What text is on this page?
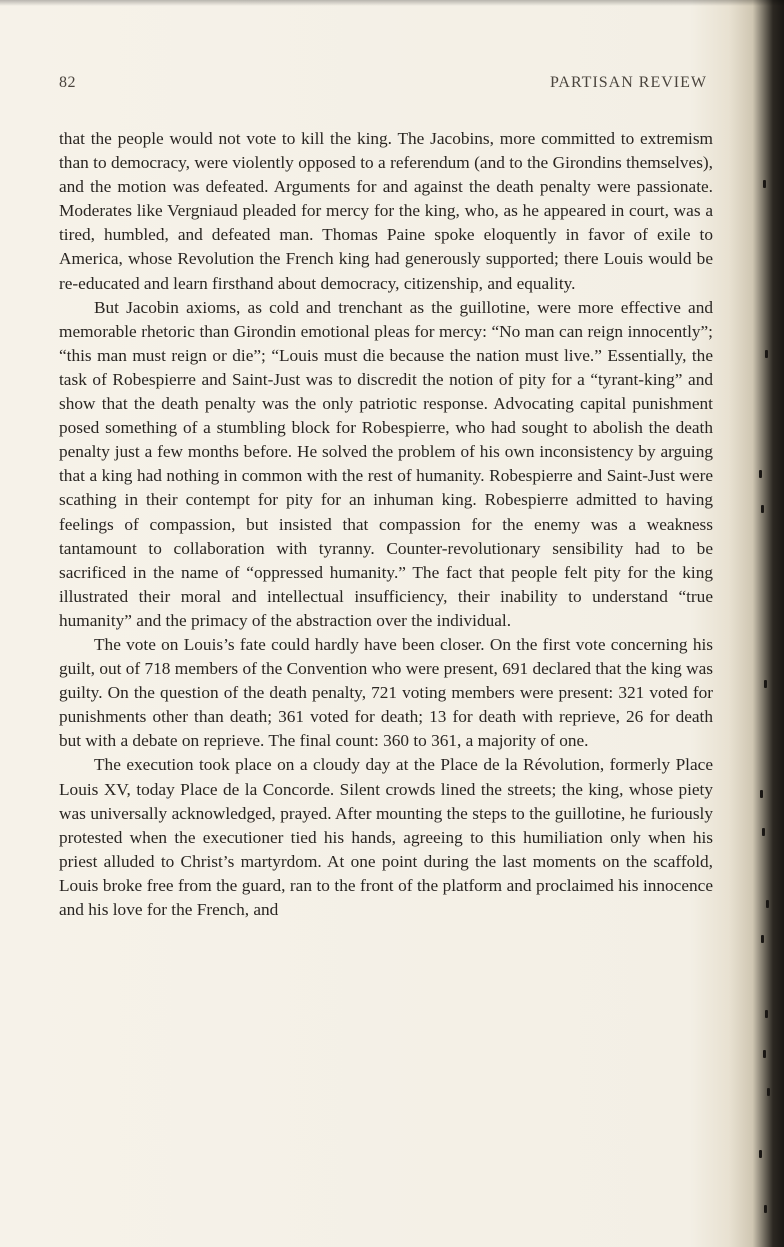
82	PARTISAN REVIEW

that the people would not vote to kill the king. The Jacobins, more committed to extremism than to democracy, were violently opposed to a referendum (and to the Girondins themselves), and the motion was defeated. Arguments for and against the death penalty were passionate. Moderates like Vergniaud pleaded for mercy for the king, who, as he appeared in court, was a tired, humbled, and defeated man. Thomas Paine spoke eloquently in favor of exile to America, whose Revolution the French king had generously supported; there Louis would be re-educated and learn firsthand about democracy, citizenship, and equality.

But Jacobin axioms, as cold and trenchant as the guillotine, were more effective and memorable rhetoric than Girondin emotional pleas for mercy: “No man can reign innocently”; “this man must reign or die”; “Louis must die because the nation must live.” Essentially, the task of Robespierre and Saint-Just was to discredit the notion of pity for a “tyrant-king” and show that the death penalty was the only patriotic response. Advocating capital punishment posed something of a stumbling block for Robespierre, who had sought to abolish the death penalty just a few months before. He solved the problem of his own inconsistency by arguing that a king had nothing in common with the rest of humanity. Robespierre and Saint-Just were scathing in their contempt for pity for an inhuman king. Robespierre admitted to having feelings of compassion, but insisted that compassion for the enemy was a weakness tantamount to collaboration with tyranny. Counter-revolutionary sensibility had to be sacrificed in the name of “oppressed humanity.” The fact that people felt pity for the king illustrated their moral and intellectual insufficiency, their inability to understand “true humanity” and the primacy of the abstraction over the individual.

The vote on Louis’s fate could hardly have been closer. On the first vote concerning his guilt, out of 718 members of the Convention who were present, 691 declared that the king was guilty. On the question of the death penalty, 721 voting members were present: 321 voted for punishments other than death; 361 voted for death; 13 for death with reprieve, 26 for death but with a debate on reprieve. The final count: 360 to 361, a majority of one.

The execution took place on a cloudy day at the Place de la Révolution, formerly Place Louis XV, today Place de la Concorde. Silent crowds lined the streets; the king, whose piety was universally acknowledged, prayed. After mounting the steps to the guillotine, he furiously protested when the executioner tied his hands, agreeing to this humiliation only when his priest alluded to Christ’s martyrdom. At one point during the last moments on the scaffold, Louis broke free from the guard, ran to the front of the platform and proclaimed his innocence and his love for the French, and
